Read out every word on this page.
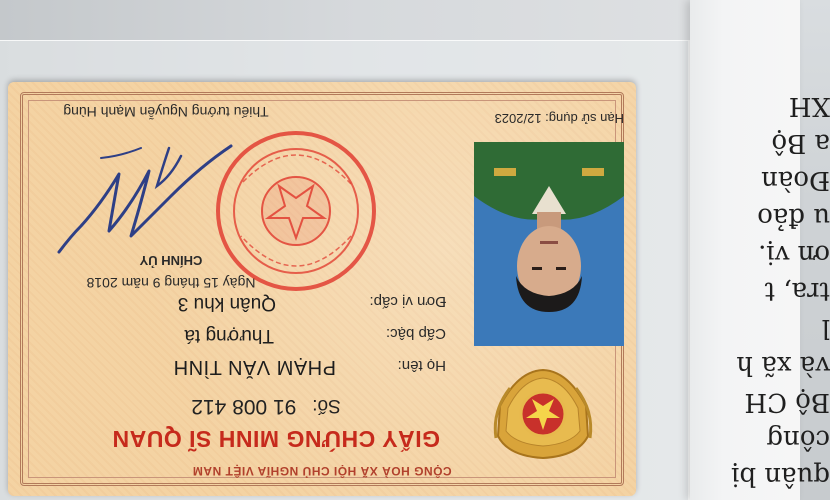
quân bị
công
Bộ CH
và xã h
l
tra, t
ơn vị.
u đảo
Đoàn
a Bộ
XH
CỘNG HOÀ XÃ HỘI CHỦ NGHĨA VIỆT NAM
GIẤY CHỨNG MINH SĨ QUAN
Số: 91 008 412
Họ tên:
PHẠM VĂN TÌNH
Cấp bậc:
Thượng tá
Đơn vị cấp:
Quân khu 3
Ngày 15 tháng 9 năm 2018
CHÍNH ỦY
Thiếu tướng Nguyễn Mạnh Hùng	Hạn sử dụng: 12/2023
